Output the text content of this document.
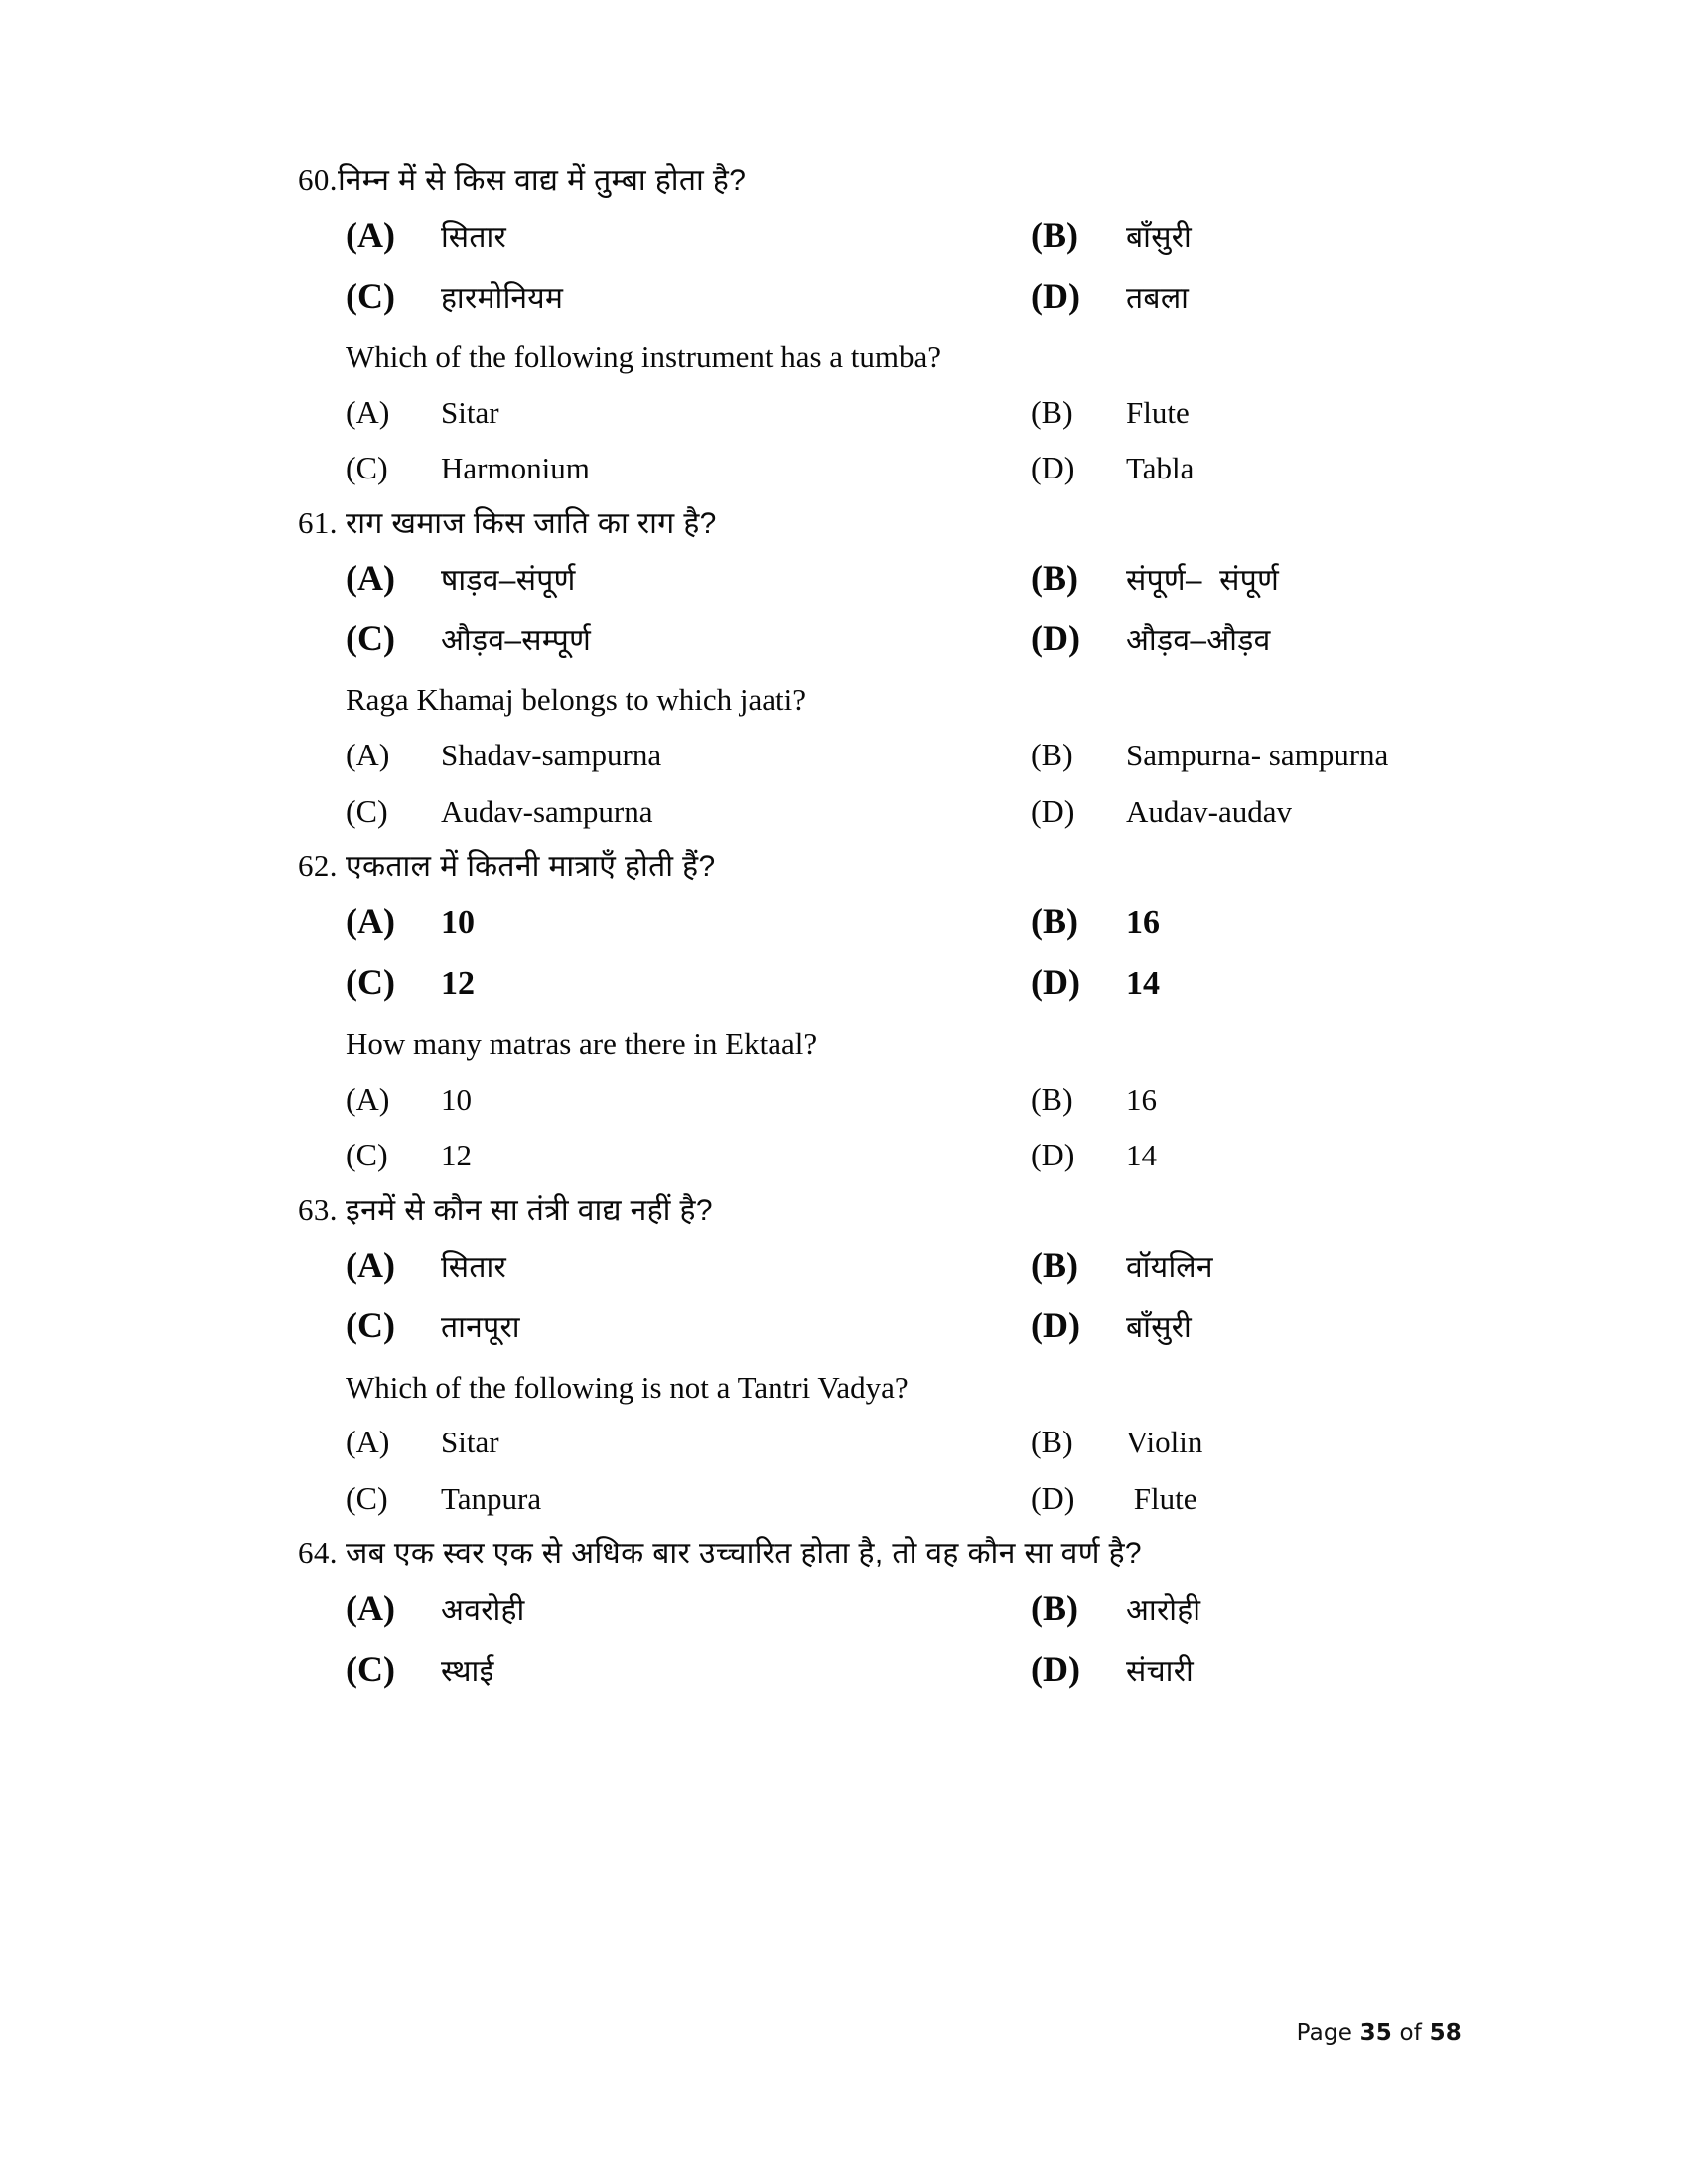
60. निम्न में से किस वाद्य में तुम्बा होता है?
(A)	सितार	(B)	बाँसुरी
(C)	हारमोनियम	(D)	तबला
Which of the following instrument has a tumba?
(A)	Sitar	(B)	Flute
(C)	Harmonium	(D)	Tabla
61. राग खमाज किस जाति का राग है?
(A)	षाड़व–संपूर्ण	(B)	संपूर्ण–  संपूर्ण
(C)	औड़व–सम्पूर्ण	(D)	औड़व–औड़व
Raga Khamaj belongs to which jaati?
(A)	Shadav-sampurna	(B)	Sampurna- sampurna
(C)	Audav-sampurna	(D)	Audav-audav
62. एकताल में कितनी मात्राएँ होती हैं?
(A)	10	(B)	16
(C)	12	(D)	14
How many matras are there in Ektaal?
(A)	10	(B)	16
(C)	12	(D)	14
63. इनमें से कौन सा तंत्री वाद्य नहीं है?
(A)	सितार	(B)	वॉयलिन
(C)	तानपूरा	(D)	बाँसुरी
Which of the following is not a Tantri Vadya?
(A)	Sitar	(B)	Violin
(C)	Tanpura	(D)	Flute
64. जब एक स्वर एक से अधिक बार उच्चारित होता है, तो वह कौन सा वर्ण है?
(A)	अवरोही	(B)	आरोही
(C)	स्थाई	(D)	संचारी
Page 35 of 58
